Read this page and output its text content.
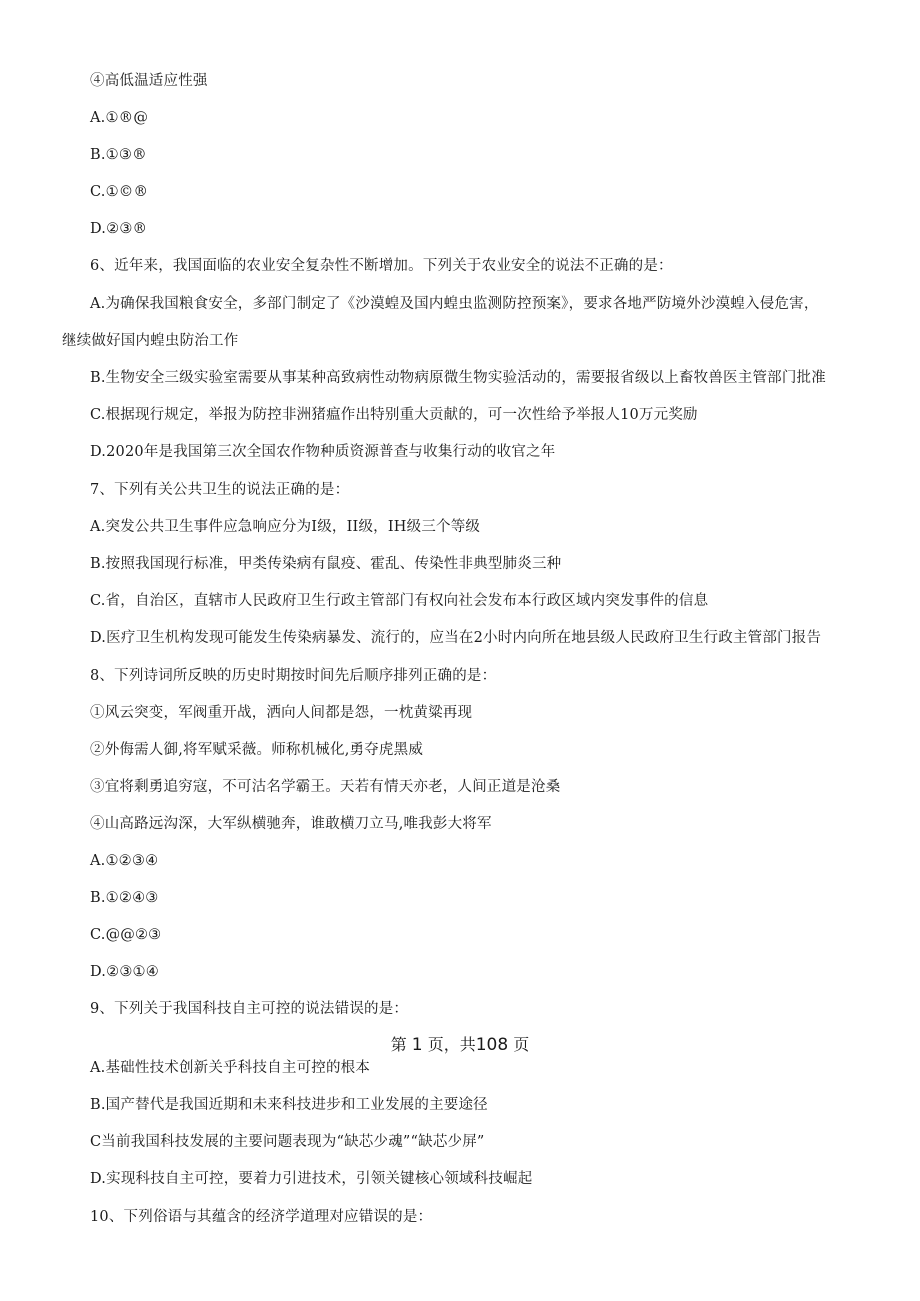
④高低温适应性强
A.①®@
B.①③®
C.①©®
D.②③®
6、近年来，我国面临的农业安全复杂性不断增加。下列关于农业安全的说法不正确的是：
A.为确保我国粮食安全，多部门制定了《沙漠蝗及国内蝗虫监测防控预案》，要求各地严防境外沙漠蝗入侵危害，
继续做好国内蝗虫防治工作
B.生物安全三级实验室需要从事某种高致病性动物病原微生物实验活动的，需要报省级以上畜牧兽医主管部门批准
C.根据现行规定，举报为防控非洲猪瘟作出特别重大贡献的，可一次性给予举报人10万元奖励
D.2020年是我国第三次全国农作物种质资源普查与收集行动的收官之年
7、下列有关公共卫生的说法正确的是：
A.突发公共卫生事件应急响应分为I级，II级，IH级三个等级
B.按照我国现行标准，甲类传染病有鼠疫、霍乱、传染性非典型肺炎三种
C.省，自治区，直辖市人民政府卫生行政主管部门有权向社会发布本行政区域内突发事件的信息
D.医疗卫生机构发现可能发生传染病暴发、流行的，应当在2小时内向所在地县级人民政府卫生行政主管部门报告
8、下列诗词所反映的历史时期按时间先后顺序排列正确的是：
①风云突变，军阀重开战，洒向人间都是怨，一枕黄粱再现
②外侮需人御,将军赋采薇。师称机械化,勇夺虎黑威
③宜将剩勇追穷寇，不可沽名学霸王。天若有情天亦老，人间正道是沧桑
④山高路远沟深，大军纵横驰奔，谁敢横刀立马,唯我彭大将军
A.①②③④
B.①②④③
C.@@②③
D.②③①④
9、下列关于我国科技自主可控的说法错误的是：
第 1 页，共108 页
A.基础性技术创新关乎科技自主可控的根本
B.国产替代是我国近期和未来科技进步和工业发展的主要途径
C当前我国科技发展的主要问题表现为“缺芯少魂”“缺芯少屏”
D.实现科技自主可控，要着力引进技术，引领关键核心领域科技崛起
10、下列俗语与其蕴含的经济学道理对应错误的是：
